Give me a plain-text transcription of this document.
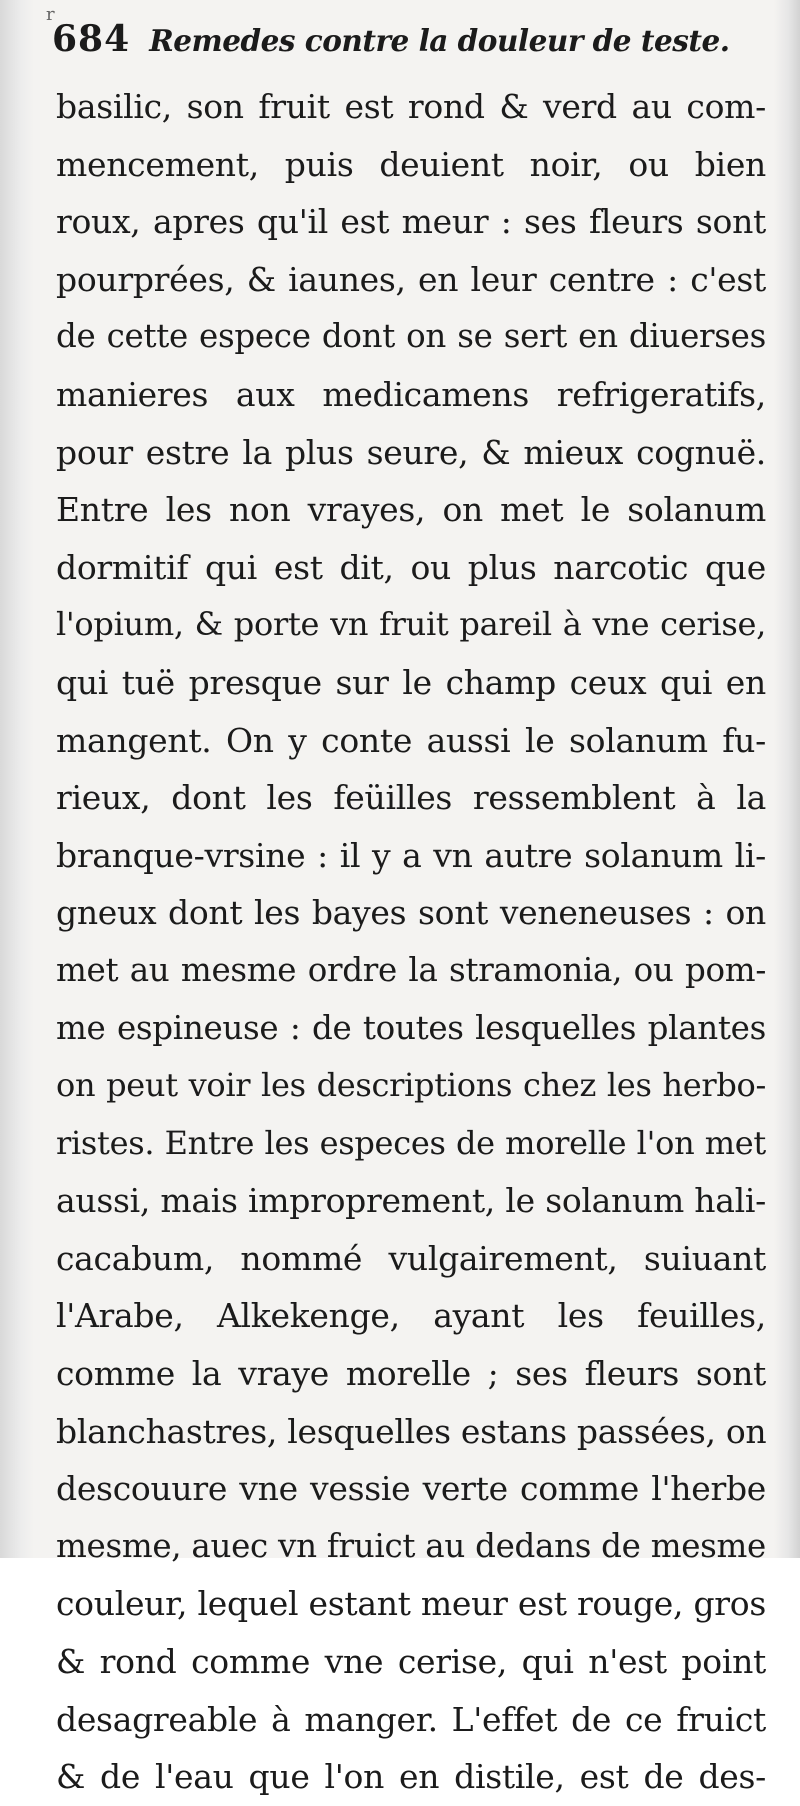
r
684 Remedes contre la douleur de teste.
basilic, son fruit est rond & verd au com-
mencement, puis deuient noir, ou bien
roux, apres qu'il est meur : ses fleurs sont
pourprées, & iaunes, en leur centre : c'est
de cette espece dont on se sert en diuerses
manieres aux medicamens refrigeratifs,
pour estre la plus seure, & mieux cognuë.
Entre les non vrayes, on met le solanum
dormitif qui est dit, ou plus narcotic que
l'opium, & porte vn fruit pareil à vne cerise,
qui tuë presque sur le champ ceux qui en
mangent. On y conte aussi le solanum fu-
rieux, dont les feüilles ressemblent à la
branque-vrsine : il y a vn autre solanum li-
gneux dont les bayes sont veneneuses : on
met au mesme ordre la stramonia, ou pom-
me espineuse : de toutes lesquelles plantes
on peut voir les descriptions chez les herbo-
ristes. Entre les especes de morelle l'on met
aussi, mais improprement, le solanum hali-
cacabum, nommé vulgairement, suiuant
l'Arabe, Alkekenge, ayant les feuilles,
comme la vraye morelle ; ses fleurs sont
blanchastres, lesquelles estans passées, on
descouure vne vessie verte comme l'herbe
mesme, auec vn fruict au dedans de mesme
couleur, lequel estant meur est rouge, gros
& rond comme vne cerise, qui n'est point
desagreable à manger. L'effet de ce fruict
& de l'eau que l'on en distile, est de des-
